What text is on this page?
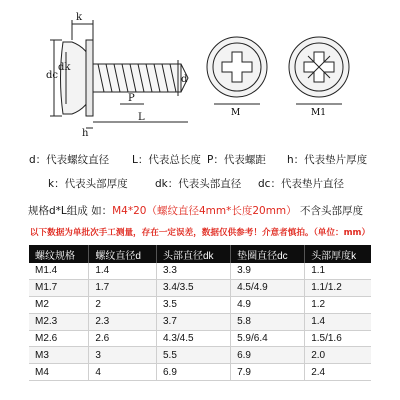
k
dc
dk
d
P
L
h
M	M1
d：代表螺纹直径 L：代表总长度 P：代表螺距 h：代表垫片厚度
k：代表头部厚度	dk：代表头部直径 dc：代表垫片直径
规格d*L组成 如：M4*20（螺纹直径4mm*长度20mm） 不含头部厚度
以下数据为单批次手工测量，存在一定误差，数据仅供参考！介意者慎拍。（单位：mm）
螺纹规格	螺纹直径d	头部直径dk	垫圈直径dc	头部厚度k
M1.4	1.4	3.3	3.9	1.1
M1.7	1.7	3.4/3.5	4.5/4.9	1.1/1.2
M2	2	3.5	4.9	1.2
M2.3	2.3	3.7	5.8	1.4
M2.6	2.6	4.3/4.5	5.9/6.4	1.5/1.6
M3	3	5.5	6.9	2.0
M4	4	6.9	7.9	2.4
